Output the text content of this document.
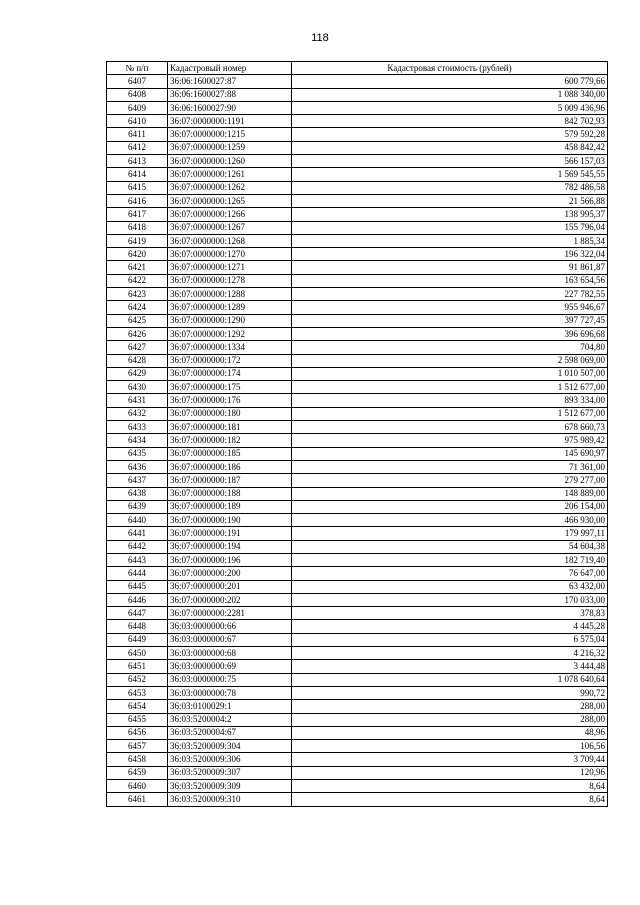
118
№ п/п	Кадастровый номер	Кадастровая стоимость (рублей)
6407	36:06:1600027:87	600 779,66
6408	36:06:1600027:88	1 088 340,00
6409	36:06:1600027:90	5 009 436,96
6410	36:07:0000000:1191	842 702,93
6411	36:07:0000000:1215	579 592,28
6412	36:07:0000000:1259	458 842,42
6413	36:07:0000000:1260	566 157,03
6414	36:07:0000000:1261	1 569 545,55
6415	36:07:0000000:1262	782 486,58
6416	36:07:0000000:1265	21 566,88
6417	36:07:0000000:1266	138 995,37
6418	36:07:0000000:1267	155 796,04
6419	36:07:0000000:1268	1 885,34
6420	36:07:0000000:1270	196 322,04
6421	36:07:0000000:1271	91 861,87
6422	36:07:0000000:1278	163 654,56
6423	36:07:0000000:1288	227 782,55
6424	36:07:0000000:1289	955 946,67
6425	36:07:0000000:1290	397 727,45
6426	36:07:0000000:1292	396 696,68
6427	36:07:0000000:1334	704,80
6428	36:07:0000000:172	2 598 069,00
6429	36:07:0000000:174	1 010 507,00
6430	36:07:0000000:175	1 512 677,00
6431	36:07:0000000:176	893 334,00
6432	36:07:0000000:180	1 512 677,00
6433	36:07:0000000:181	678 660,73
6434	36:07:0000000:182	975 989,42
6435	36:07:0000000:185	145 690,97
6436	36:07:0000000:186	71 361,00
6437	36:07:0000000:187	279 277,00
6438	36:07:0000000:188	148 889,00
6439	36:07:0000000:189	206 154,00
6440	36:07:0000000:190	466 930,00
6441	36:07:0000000:191	179 997,11
6442	36:07:0000000:194	54 604,38
6443	36:07:0000000:196	182 719,40
6444	36:07:0000000:200	76 647,00
6445	36:07:0000000:201	63 432,00
6446	36:07:0000000:202	170 033,00
6447	36:07:0000000:2281	378,83
6448	36:03:0000000:66	4 445,28
6449	36:03:0000000:67	6 575,04
6450	36:03:0000000:68	4 216,32
6451	36:03:0000000:69	3 444,48
6452	36:03:0000000:75	1 078 640,64
6453	36:03:0000000:78	990,72
6454	36:03:0100029:1	288,00
6455	36:03:5200004:2	288,00
6456	36:03:5200004:67	48,96
6457	36:03:5200009:304	106,56
6458	36:03:5200009:306	3 709,44
6459	36:03:5200009:307	120,96
6460	36:03:5200009:309	8,64
6461	36:03:5200009:310	8,64
